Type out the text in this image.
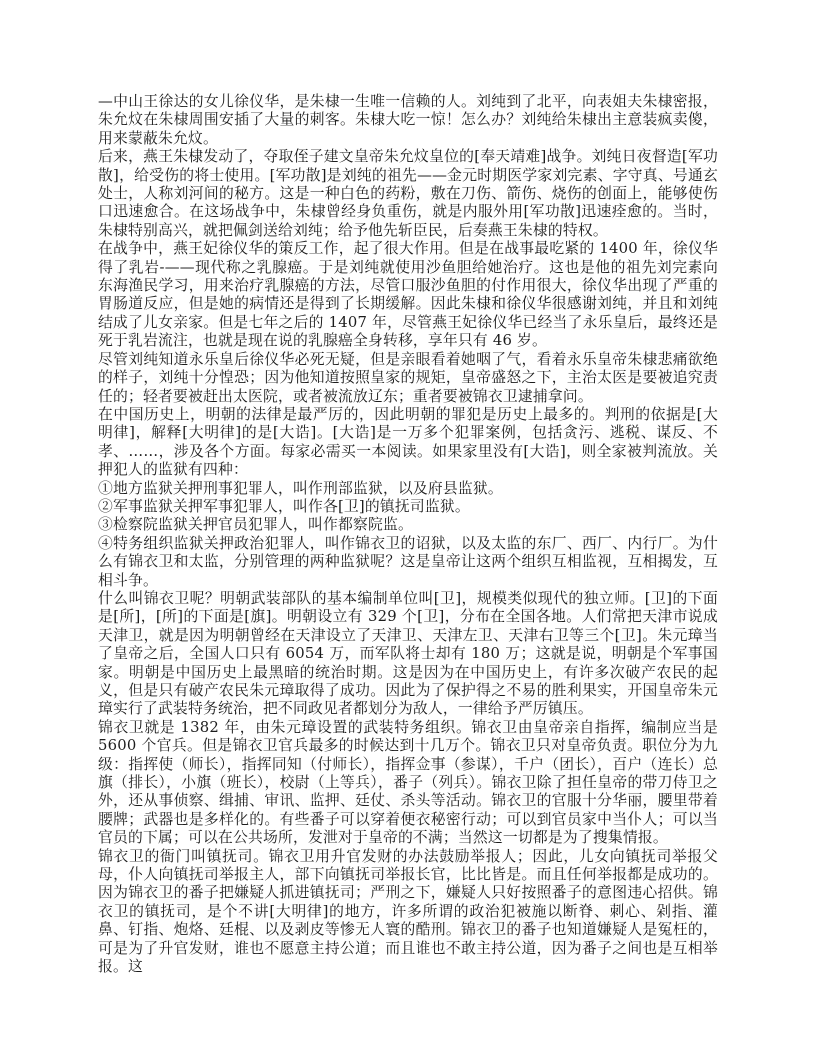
—中山王徐达的女儿徐仪华，是朱棣一生唯一信赖的人。刘纯到了北平，向表姐夫朱棣密报，朱允炆在朱棣周围安插了大量的刺客。朱棣大吃一惊！怎么办？刘纯给朱棣出主意装疯卖傻，用来蒙蔽朱允炆。

后来，燕王朱棣发动了，夺取侄子建文皇帝朱允炆皇位的[奉天靖难]战争。刘纯日夜督造[军功散]，给受伤的将士使用。[军功散]是刘纯的祖先——金元时期医学家刘完素、字守真、号通玄处士，人称刘河间的秘方。这是一种白色的药粉，敷在刀伤、箭伤、烧伤的创面上，能够使伤口迅速愈合。在这场战争中，朱棣曾经身负重伤，就是内服外用[军功散]迅速痊愈的。当时，朱棣特别高兴，就把佩剑送给刘纯；给予他先斩臣民，后奏燕王朱棣的特权。

在战争中，燕王妃徐仪华的策反工作，起了很大作用。但是在战事最吃紧的 1400 年，徐仪华得了乳岩-——现代称之乳腺癌。于是刘纯就使用沙鱼胆给她治疗。这也是他的祖先刘完素向东海渔民学习，用来治疗乳腺癌的方法，尽管口服沙鱼胆的付作用很大，徐仪华出现了严重的胃肠道反应，但是她的病情还是得到了长期缓解。因此朱棣和徐仪华很感谢刘纯，并且和刘纯结成了儿女亲家。但是七年之后的 1407 年，尽管燕王妃徐仪华已经当了永乐皇后，最终还是死于乳岩流注，也就是现在说的乳腺癌全身转移，享年只有 46 岁。

尽管刘纯知道永乐皇后徐仪华必死无疑，但是亲眼看着她咽了气，看着永乐皇帝朱棣悲痛欲绝的样子，刘纯十分惶恐；因为他知道按照皇家的规矩，皇帝盛怒之下，主治太医是要被追究责任的；轻者要被赶出太医院，或者被流放辽东；重者要被锦衣卫逮捕拿问。

在中国历史上，明朝的法律是最严厉的，因此明朝的罪犯是历史上最多的。判刑的依据是[大明律]，解释[大明律]的是[大诰]。[大诰]是一万多个犯罪案例，包括贪污、逃税、谋反、不孝、……，涉及各个方面。每家必需买一本阅读。如果家里没有[大诰]，则全家被判流放。关押犯人的监狱有四种：

①地方监狱关押刑事犯罪人，叫作刑部监狱，以及府县监狱。

②军事监狱关押军事犯罪人，叫作各[卫]的镇抚司监狱。

③检察院监狱关押官员犯罪人，叫作都察院监。

④特务组织监狱关押政治犯罪人，叫作锦衣卫的诏狱，以及太监的东厂、西厂、内行厂。为什么有锦衣卫和太监，分别管理的两种监狱呢？这是皇帝让这两个组织互相监视，互相揭发，互相斗争。

什么叫锦衣卫呢？明朝武装部队的基本编制单位叫[卫]，规模类似现代的独立师。[卫]的下面是[所]，[所]的下面是[旗]。明朝设立有 329 个[卫]，分布在全国各地。人们常把天津市说成天津卫，就是因为明朝曾经在天津设立了天津卫、天津左卫、天津右卫等三个[卫]。朱元璋当了皇帝之后，全国人口只有 6054 万，而军队将士却有 180 万；这就是说，明朝是个军事国家。明朝是中国历史上最黑暗的统治时期。这是因为在中国历史上，有许多次破产农民的起义，但是只有破产农民朱元璋取得了成功。因此为了保护得之不易的胜利果实，开国皇帝朱元璋实行了武装特务统治，把不同政见者都划分为敌人，一律给予严厉镇压。

锦衣卫就是 1382 年，由朱元璋设置的武装特务组织。锦衣卫由皇帝亲自指挥，编制应当是 5600 个官兵。但是锦衣卫官兵最多的时候达到十几万个。锦衣卫只对皇帝负责。职位分为九级：指挥使（师长），指挥同知（付师长），指挥佥事（参谋），千户（团长），百户（连长）总旗（排长），小旗（班长），校尉（上等兵），番子（列兵）。锦衣卫除了担任皇帝的带刀侍卫之外，还从事侦察、缉捕、审讯、监押、廷仗、杀头等活动。锦衣卫的官服十分华丽，腰里带着腰牌；武器也是多样化的。有些番子可以穿着便衣秘密行动；可以到官员家中当仆人；可以当官员的下属；可以在公共场所，发泄对于皇帝的不满；当然这一切都是为了搜集情报。

锦衣卫的衙门叫镇抚司。锦衣卫用升官发财的办法鼓励举报人；因此，儿女向镇抚司举报父母，仆人向镇抚司举报主人，部下向镇抚司举报长官，比比皆是。而且任何举报都是成功的。因为锦衣卫的番子把嫌疑人抓进镇抚司；严刑之下，嫌疑人只好按照番子的意图违心招供。锦衣卫的镇抚司，是个不讲[大明律]的地方，许多所谓的政治犯被施以断脊、刺心、剁指、灌鼻、钉指、炮烙、廷棍、以及剥皮等惨无人寰的酷刑。锦衣卫的番子也知道嫌疑人是冤枉的，可是为了升官发财，谁也不愿意主持公道；而且谁也不敢主持公道，因为番子之间也是互相举报。这
